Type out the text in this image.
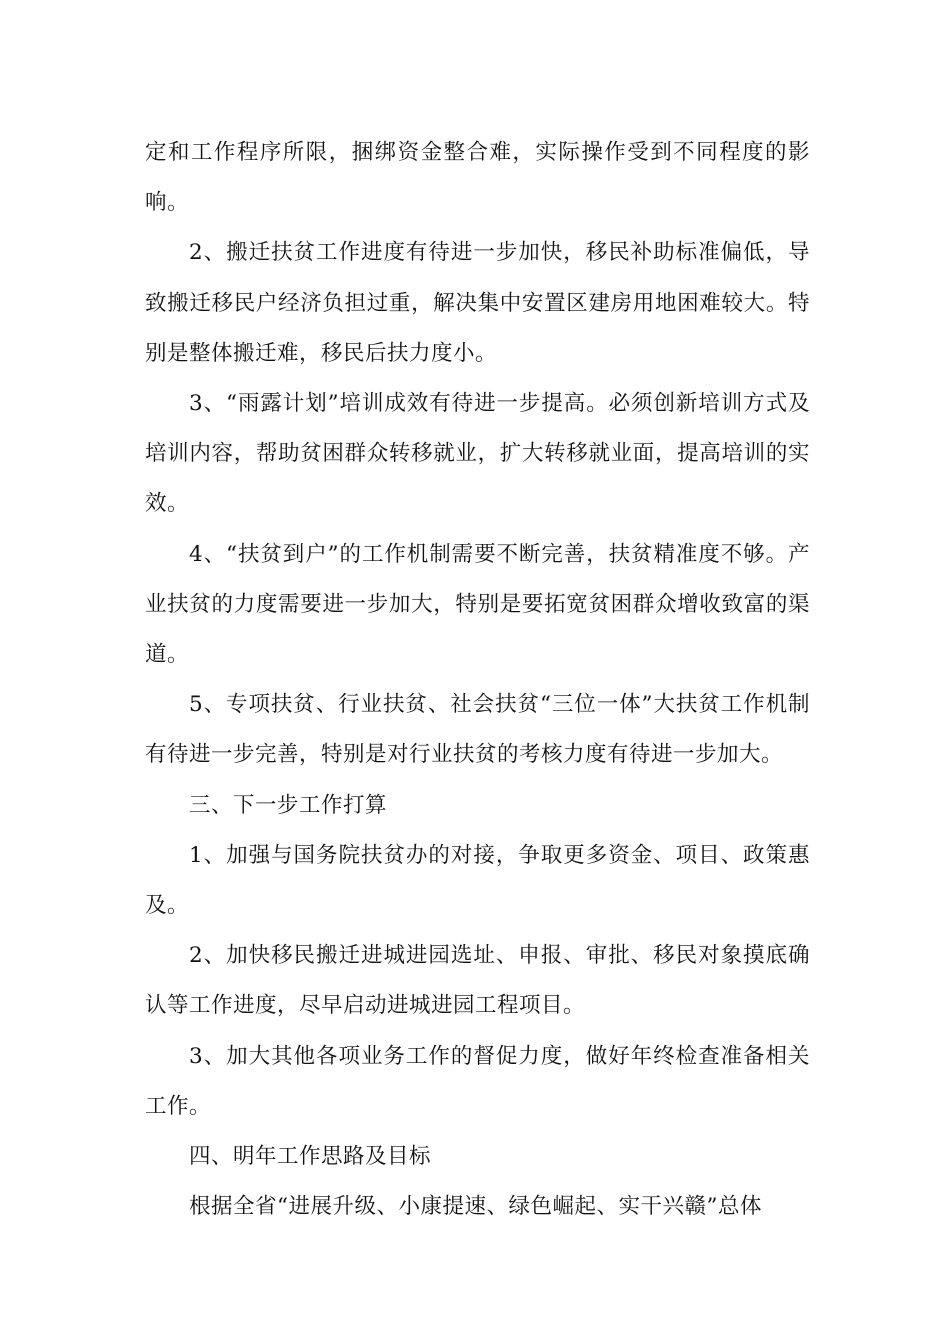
定和工作程序所限，捆绑资金整合难，实际操作受到不同程度的影响。

2、搬迁扶贫工作进度有待进一步加快，移民补助标准偏低，导致搬迁移民户经济负担过重，解决集中安置区建房用地困难较大。特别是整体搬迁难，移民后扶力度小。

3、“雨露计划”培训成效有待进一步提高。必须创新培训方式及培训内容，帮助贫困群众转移就业，扩大转移就业面，提高培训的实效。

4、“扶贫到户”的工作机制需要不断完善，扶贫精准度不够。产业扶贫的力度需要进一步加大，特别是要拓宽贫困群众增收致富的渠道。

5、专项扶贫、行业扶贫、社会扶贫“三位一体”大扶贫工作机制有待进一步完善，特别是对行业扶贫的考核力度有待进一步加大。

三、下一步工作打算

1、加强与国务院扶贫办的对接，争取更多资金、项目、政策惠及。

2、加快移民搬迁进城进园选址、申报、审批、移民对象摸底确认等工作进度，尽早启动进城进园工程项目。

3、加大其他各项业务工作的督促力度，做好年终检查准备相关工作。

四、明年工作思路及目标

根据全省“进展升级、小康提速、绿色崛起、实干兴赣”总体
